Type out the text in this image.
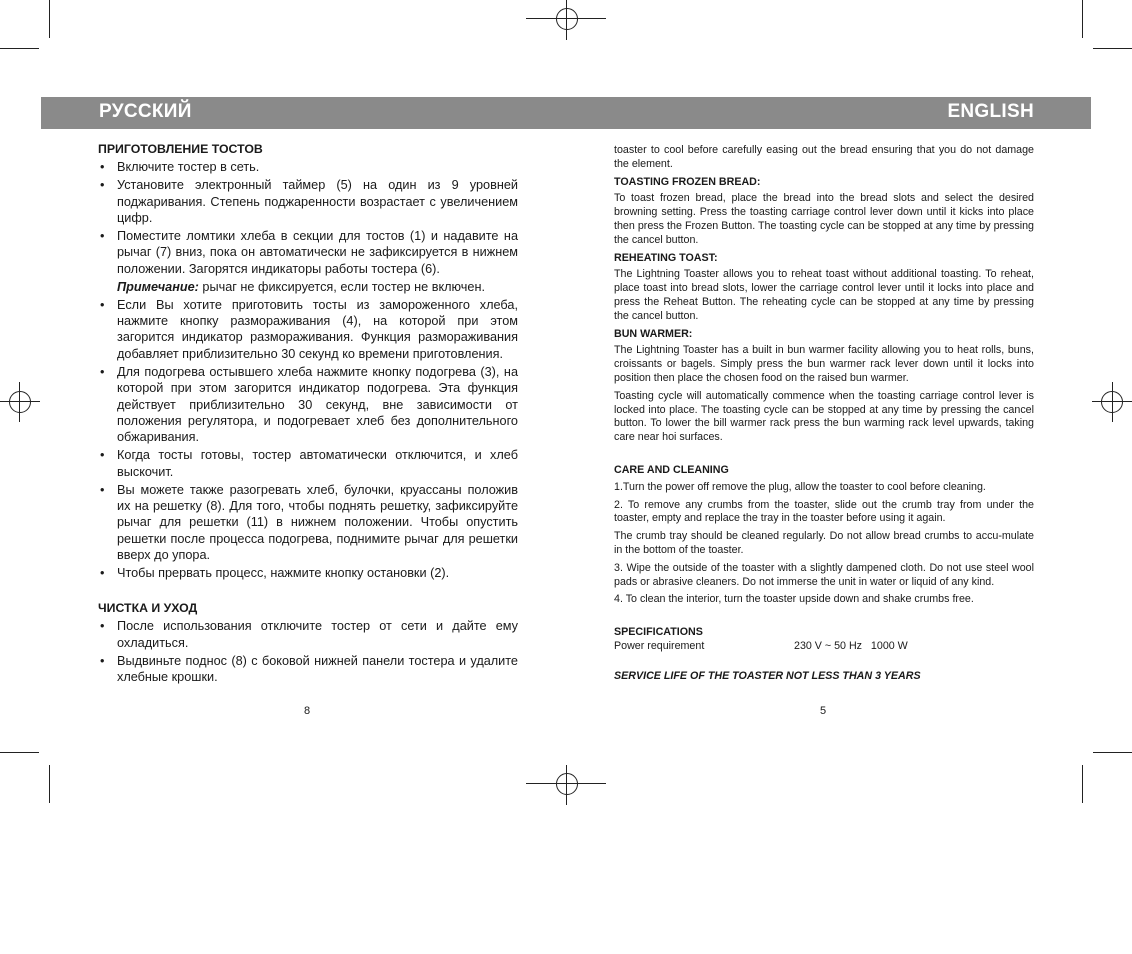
РУССКИЙ	ENGLISH
ПРИГОТОВЛЕНИЕ ТОСТОВ
• Включите тостер в сеть.
• Установите электронный таймер (5) на один из 9 уровней поджаривания. Степень поджаренности возрастает с увеличением цифр.
• Поместите ломтики хлеба в секции для тостов (1) и надавите на рычаг (7) вниз, пока он автоматически не зафиксируется в нижнем положении. Загорятся индикаторы работы тостера (6).
Примечание: рычаг не фиксируется, если тостер не включен.
• Если Вы хотите приготовить тосты из замороженного хлеба, нажмите кнопку размораживания (4), на которой при этом загорится индикатор размораживания. Функция размораживания добавляет приблизительно 30 секунд ко времени приготовления.
• Для подогрева остывшего хлеба нажмите кнопку подогрева (3), на которой при этом загорится индикатор подогрева. Эта функция действует приблизительно 30 секунд, вне зависимости от положения регулятора, и подогревает хлеб без дополнительного обжаривания.
• Когда тосты готовы, тостер автоматически отключится, и хлеб выскочит.
• Вы можете также разогревать хлеб, булочки, круассаны положив их на решетку (8). Для того, чтобы поднять решетку, зафиксируйте рычаг для решетки (11) в нижнем положении. Чтобы опустить решетки после процесса подогрева, поднимите рычаг для решетки вверх до упора.
• Чтобы прервать процесс, нажмите кнопку остановки (2).
ЧИСТКА И УХОД
• После использования отключите тостер от сети и дайте ему охладиться.
• Выдвиньте поднос (8) с боковой нижней панели тостера и удалите хлебные крошки.
8

toaster to cool before carefully easing out the bread ensuring that you do not damage the element.

TOASTING FROZEN BREAD:

To toast frozen bread, place the bread into the bread slots and select the desired browning setting. Press the toasting carriage control lever down until it kicks into place then press the Frozen Button. The toasting cycle can be stopped at any time by pressing the cancel button.

REHEATING TOAST:

The Lightning Toaster allows you to reheat toast without additional toasting. To reheat, place toast into bread slots, lower the carriage control lever until it locks into place and press the Reheat Button. The reheating cycle can be stopped at any time by pressing the cancel button.

BUN WARMER:

The Lightning Toaster has a built in bun warmer facility allowing you to heat rolls, buns, croissants or bagels. Simply press the bun warmer rack lever down until it locks into position then place the chosen food on the raised bun warmer.

Toasting cycle will automatically commence when the toasting carriage control lever is locked into place. The toasting cycle can be stopped at any time by pressing the cancel button. To lower the bill warmer rack press the bun warming rack level upwards, taking care near hoi surfaces.

CARE AND CLEANING

1.Turn the power off remove the plug, allow the toaster to cool before cleaning.

2. To remove any crumbs from the toaster, slide out the crumb tray from under the toaster, empty and replace the tray in the toaster before using it again.

The crumb tray should be cleaned regularly. Do not allow bread crumbs to accu-mulate in the bottom of the toaster.

3. Wipe the outside of the toaster with a slightly dampened cloth. Do not use steel wool pads or abrasive cleaners. Do not immerse the unit in water or liquid of any kind.

4. To clean the interior, turn the toaster upside down and shake crumbs free.

SPECIFICATIONS
Power requirement	230 V ~ 50 Hz   1000 W
SERVICE LIFE OF THE TOASTER NOT LESS THAN 3 YEARS
5
